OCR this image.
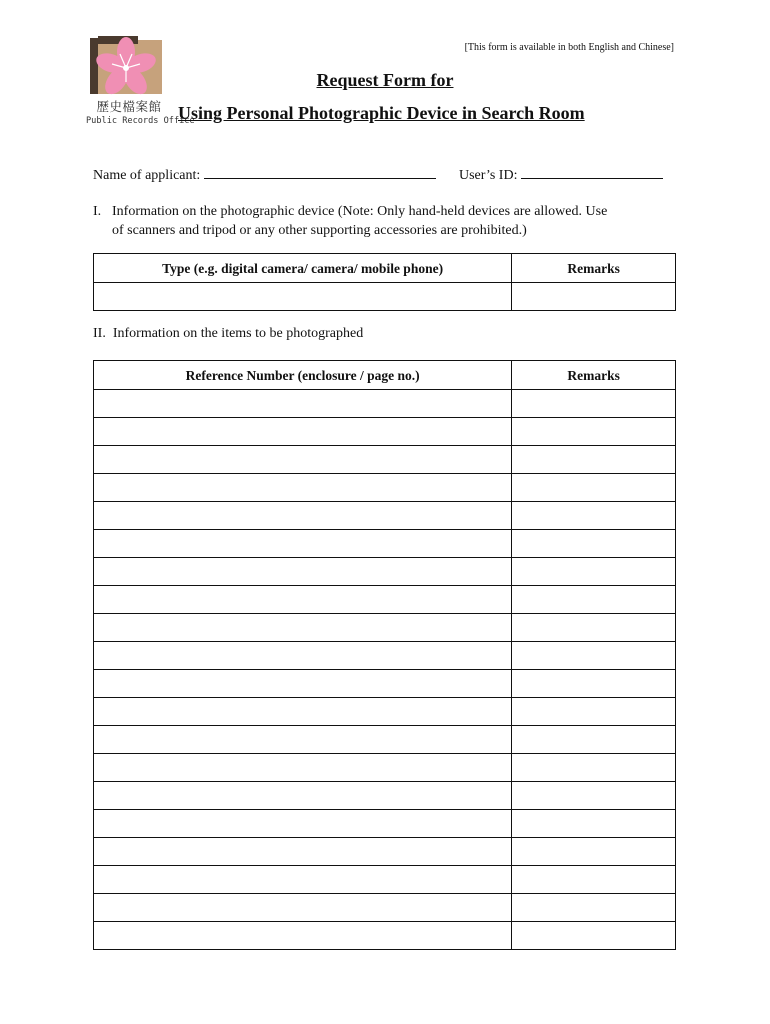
歷史檔案館
Public Records Office
[This form is available in both English and Chinese]
Request Form for
Using Personal Photographic Device in Search Room
Name of applicant:	User’s ID:
I. Information on the photographic device (Note: Only hand-held devices are allowed. Use
of scanners and tripod or any other supporting accessories are prohibited.)
Type (e.g. digital camera/ camera/ mobile phone)	Remarks

II. Information on the items to be photographed
Reference Number (enclosure / page no.)	Remarks
